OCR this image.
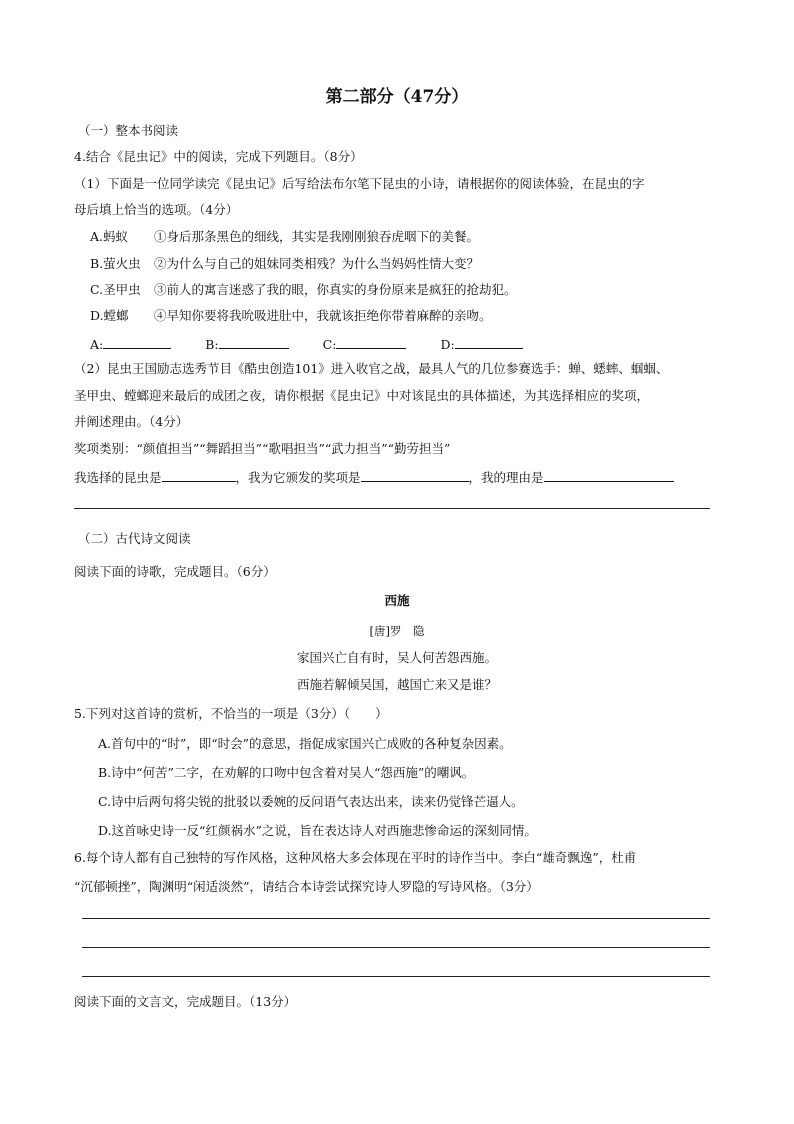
第二部分（47分）
（一）整本书阅读
4.结合《昆虫记》中的阅读，完成下列题目。（8分）
（1）下面是一位同学读完《昆虫记》后写给法布尔笔下昆虫的小诗，请根据你的阅读体验，在昆虫的字
母后填上恰当的选项。（4分）
A.蚂蚁 ①身后那条黑色的细线，其实是我刚刚狼吞虎咽下的美餐。
B.萤火虫 ②为什么与自己的姐妹同类相残？为什么当妈妈性情大变？
C.圣甲虫 ③前人的寓言迷惑了我的眼，你真实的身份原来是疯狂的抢劫犯。
D.螳螂 ④早知你要将我吮吸进肚中，我就该拒绝你带着麻醉的亲吻。
A:	B:	C:	D:
（2）昆虫王国励志选秀节目《酷虫创造101》进入收官之战，最具人气的几位参赛选手：蝉、蟋蟀、蝈蝈、
圣甲虫、螳螂迎来最后的成团之夜，请你根据《昆虫记》中对该昆虫的具体描述，为其选择相应的奖项，
并阐述理由。（4分）
奖项类别：“颜值担当”“舞蹈担当”“歌唱担当”“武力担当”“勤劳担当”
我选择的昆虫是	，我为它颁发的奖项是	，我的理由是
（二）古代诗文阅读
阅读下面的诗歌，完成题目。（6分）
西施
[唐]罗　隐
家国兴亡自有时，吴人何苦怨西施。
西施若解倾吴国，越国亡来又是谁？
5.下列对这首诗的赏析，不恰当的一项是（3分）（　　）
A.首句中的“时”，即“时会”的意思，指促成家国兴亡成败的各种复杂因素。
B.诗中“何苦”二字，在劝解的口吻中包含着对吴人“怨西施”的嘲讽。
C.诗中后两句将尖锐的批驳以委婉的反问语气表达出来，读来仍觉锋芒逼人。
D.这首咏史诗一反“红颜祸水”之说，旨在表达诗人对西施悲惨命运的深刻同情。
6.每个诗人都有自己独特的写作风格，这种风格大多会体现在平时的诗作当中。李白“雄奇飘逸”，杜甫
“沉郁顿挫”，陶渊明“闲适淡然”，请结合本诗尝试探究诗人罗隐的写诗风格。（3分）
阅读下面的文言文，完成题目。（13分）
